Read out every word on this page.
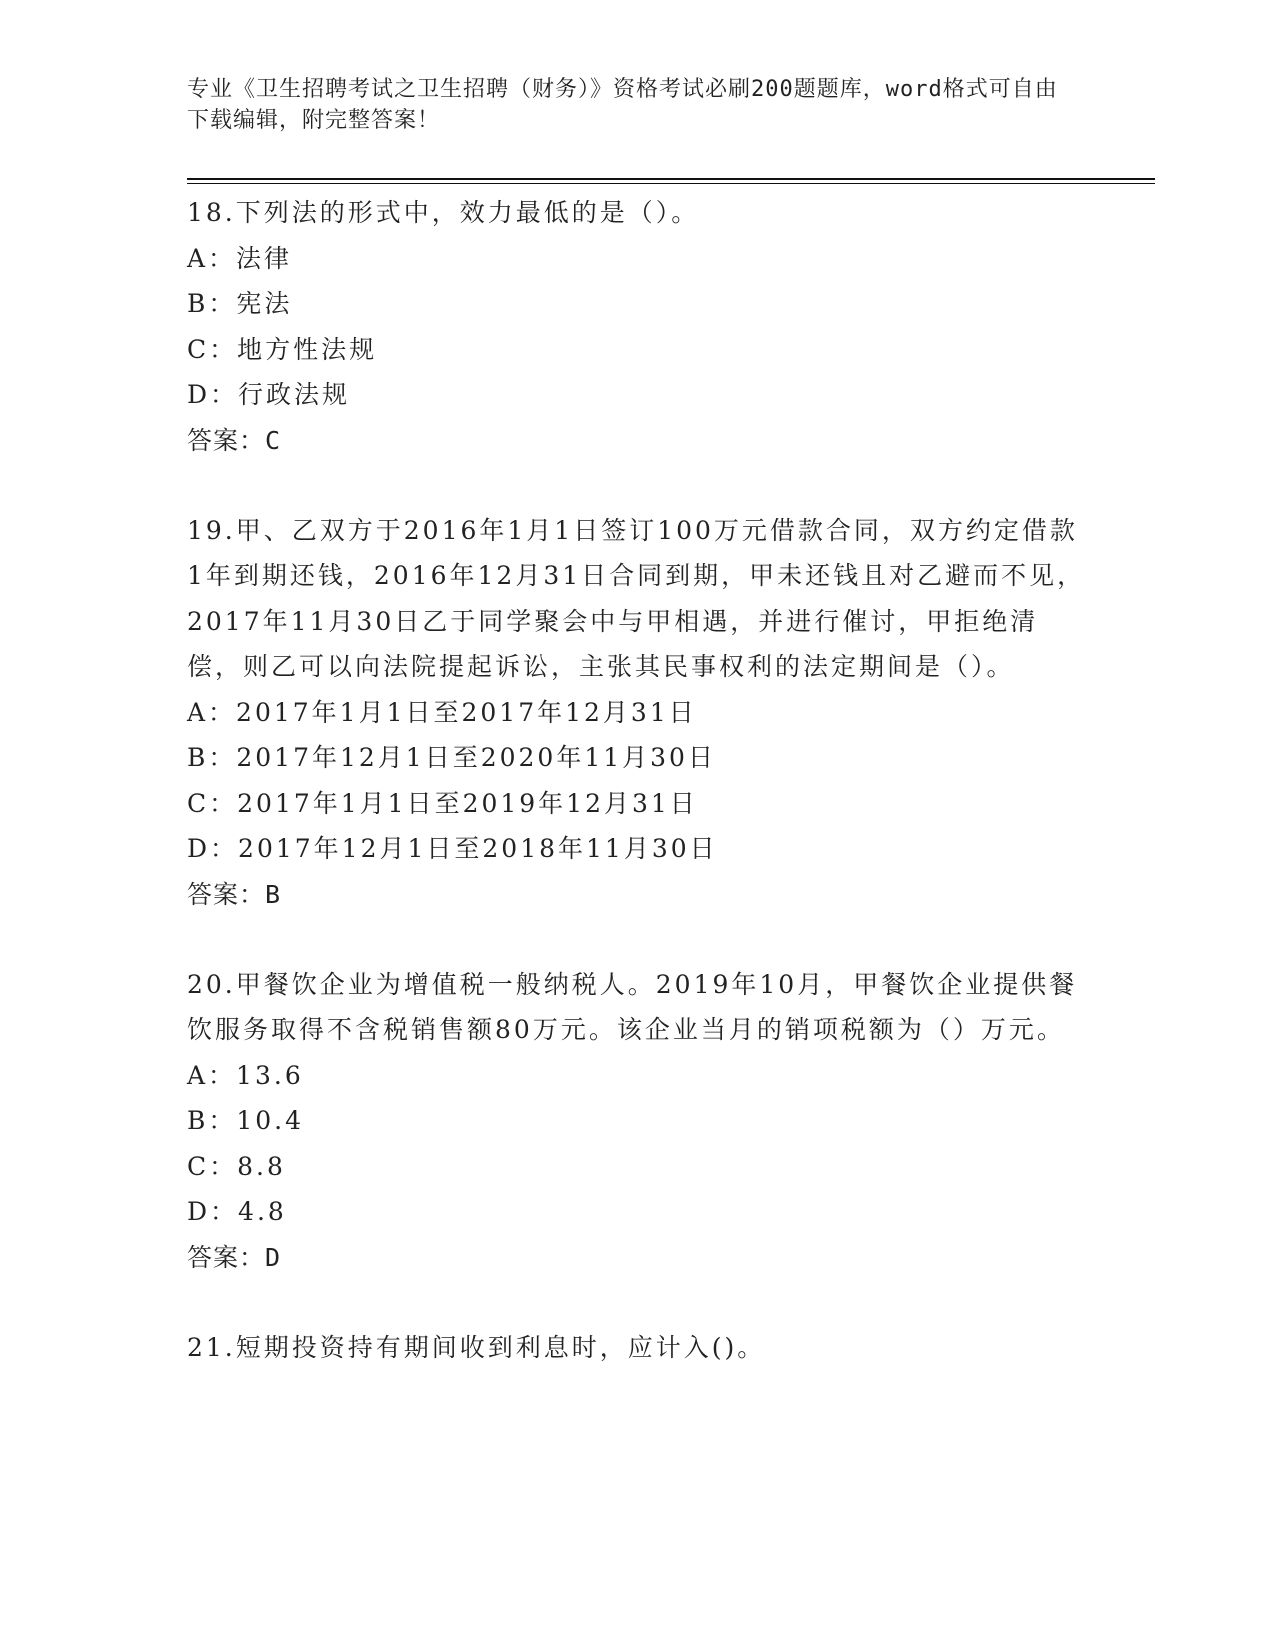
专业《卫生招聘考试之卫生招聘（财务）》资格考试必刷200题题库，word格式可自由下载编辑，附完整答案！
18.下列法的形式中，效力最低的是（）。
A：法律
B：宪法
C：地方性法规
D：行政法规
答案：C
19.甲、乙双方于2016年1月1日签订100万元借款合同，双方约定借款1年到期还钱，2016年12月31日合同到期，甲未还钱且对乙避而不见，2017年11月30日乙于同学聚会中与甲相遇，并进行催讨，甲拒绝清偿，则乙可以向法院提起诉讼，主张其民事权利的法定期间是（）。
A：2017年1月1日至2017年12月31日
B：2017年12月1日至2020年11月30日
C：2017年1月1日至2019年12月31日
D：2017年12月1日至2018年11月30日
答案：B
20.甲餐饮企业为增值税一般纳税人。2019年10月，甲餐饮企业提供餐饮服务取得不含税销售额80万元。该企业当月的销项税额为（）万元。
A：13.6
B：10.4
C：8.8
D：4.8
答案：D
21.短期投资持有期间收到利息时，应计入()。
